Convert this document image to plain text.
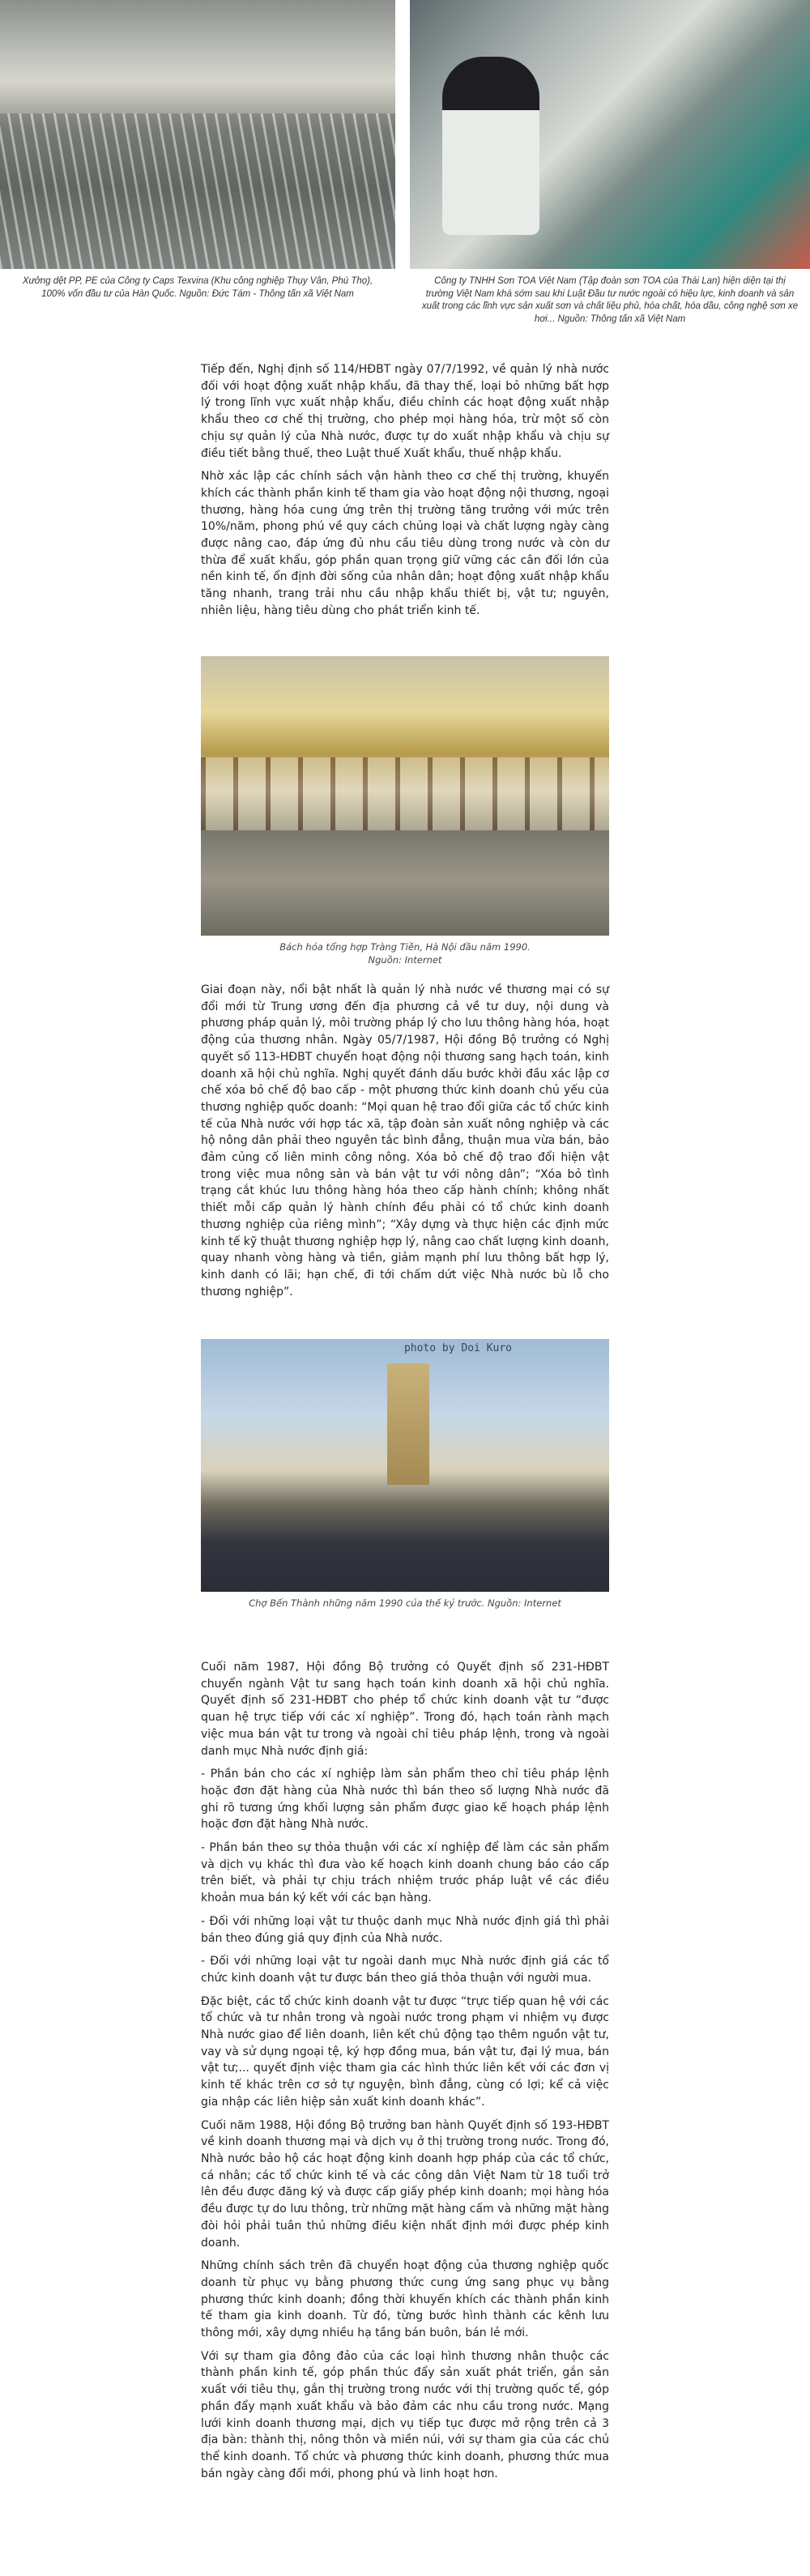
Xưởng dệt PP, PE của Công ty Caps Texvina (Khu công nghiệp Thụy Vân, Phú Thọ), 100% vốn đầu tư của Hàn Quốc. Nguồn: Đức Tám - Thông tấn xã Việt Nam
Công ty TNHH Sơn TOA Việt Nam (Tập đoàn sơn TOA của Thái Lan) hiện diện tại thị trường Việt Nam khá sớm sau khi Luật Đầu tư nước ngoài có hiệu lực, kinh doanh và sản xuất trong các lĩnh vực sản xuất sơn và chất liệu phủ, hóa chất, hóa dầu, công nghệ sơn xe hơi... Nguồn: Thông tấn xã Việt Nam

Tiếp đến, Nghị định số 114/HĐBT ngày 07/7/1992, về quản lý nhà nước đối với hoạt động xuất nhập khẩu, đã thay thế, loại bỏ những bất hợp lý trong lĩnh vực xuất nhập khẩu, điều chỉnh các hoạt động xuất nhập khẩu theo cơ chế thị trường, cho phép mọi hàng hóa, trừ một số còn chịu sự quản lý của Nhà nước, được tự do xuất nhập khẩu và chịu sự điều tiết bằng thuế, theo Luật thuế Xuất khẩu, thuế nhập khẩu.

Nhờ xác lập các chính sách vận hành theo cơ chế thị trường, khuyến khích các thành phần kinh tế tham gia vào hoạt động nội thương, ngoại thương, hàng hóa cung ứng trên thị trường tăng trưởng với mức trên 10%/năm, phong phú về quy cách chủng loại và chất lượng ngày càng được nâng cao, đáp ứng đủ nhu cầu tiêu dùng trong nước và còn dư thừa để xuất khẩu, góp phần quan trọng giữ vững các cân đối lớn của nền kinh tế, ổn định đời sống của nhân dân; hoạt động xuất nhập khẩu tăng nhanh, trang trải nhu cầu nhập khẩu thiết bị, vật tư; nguyên, nhiên liệu, hàng tiêu dùng cho phát triển kinh tế.

Bách hóa tổng hợp Tràng Tiền, Hà Nội đầu năm 1990.
Nguồn: Internet

Giai đoạn này, nổi bật nhất là quản lý nhà nước về thương mại có sự đổi mới từ Trung ương đến địa phương cả về tư duy, nội dung và phương pháp quản lý, môi trường pháp lý cho lưu thông hàng hóa, hoạt động của thương nhân. Ngày 05/7/1987, Hội đồng Bộ trưởng có Nghị quyết số 113-HĐBT chuyển hoạt động nội thương sang hạch toán, kinh doanh xã hội chủ nghĩa. Nghị quyết đánh dấu bước khởi đầu xác lập cơ chế xóa bỏ chế độ bao cấp - một phương thức kinh doanh chủ yếu của thương nghiệp quốc doanh: “Mọi quan hệ trao đổi giữa các tổ chức kinh tế của Nhà nước với hợp tác xã, tập đoàn sản xuất nông nghiệp và các hộ nông dân phải theo nguyên tắc bình đẳng, thuận mua vừa bán, bảo đảm củng cố liên minh công nông. Xóa bỏ chế độ trao đổi hiện vật trong việc mua nông sản và bán vật tư với nông dân”; “Xóa bỏ tình trạng cắt khúc lưu thông hàng hóa theo cấp hành chính; không nhất thiết mỗi cấp quản lý hành chính đều phải có tổ chức kinh doanh thương nghiệp của riêng mình”; “Xây dựng và thực hiện các định mức kinh tế kỹ thuật thương nghiệp hợp lý, nâng cao chất lượng kinh doanh, quay nhanh vòng hàng và tiền, giảm mạnh phí lưu thông bất hợp lý, kinh danh có lãi; hạn chế, đi tới chấm dứt việc Nhà nước bù lỗ cho thương nghiệp”.

photo by Doi Kuro
Chợ Bến Thành những năm 1990 của thế kỷ trước. Nguồn: Internet

Cuối năm 1987, Hội đồng Bộ trưởng có Quyết định số 231-HĐBT chuyển ngành Vật tư sang hạch toán kinh doanh xã hội chủ nghĩa. Quyết định số 231-HĐBT cho phép tổ chức kinh doanh vật tư “được quan hệ trực tiếp với các xí nghiệp”. Trong đó, hạch toán rành mạch việc mua bán vật tư trong và ngoài chỉ tiêu pháp lệnh, trong và ngoài danh mục Nhà nước định giá:

- Phần bán cho các xí nghiệp làm sản phẩm theo chỉ tiêu pháp lệnh hoặc đơn đặt hàng của Nhà nước thì bán theo số lượng Nhà nước đã ghi rõ tương ứng khối lượng sản phẩm được giao kế hoạch pháp lệnh hoặc đơn đặt hàng Nhà nước.

- Phần bán theo sự thỏa thuận với các xí nghiệp để làm các sản phẩm và dịch vụ khác thì đưa vào kế hoạch kinh doanh chung báo cáo cấp trên biết, và phải tự chịu trách nhiệm trước pháp luật về các điều khoản mua bán ký kết với các bạn hàng.

- Đối với những loại vật tư thuộc danh mục Nhà nước định giá thì phải bán theo đúng giá quy định của Nhà nước.

- Đối với những loại vật tư ngoài danh mục Nhà nước định giá các tổ chức kinh doanh vật tư được bán theo giá thỏa thuận với người mua.

Đặc biệt, các tổ chức kinh doanh vật tư được “trực tiếp quan hệ với các tổ chức và tư nhân trong và ngoài nước trong phạm vi nhiệm vụ được Nhà nước giao để liên doanh, liên kết chủ động tạo thêm nguồn vật tư, vay và sử dụng ngoại tệ, ký hợp đồng mua, bán vật tư, đại lý mua, bán vật tư;... quyết định việc tham gia các hình thức liên kết với các đơn vị kinh tế khác trên cơ sở tự nguyện, bình đẳng, cùng có lợi; kể cả việc gia nhập các liên hiệp sản xuất kinh doanh khác”.

Cuối năm 1988, Hội đồng Bộ trưởng ban hành Quyết định số 193-HĐBT về kinh doanh thương mại và dịch vụ ở thị trường trong nước. Trong đó, Nhà nước bảo hộ các hoạt động kinh doanh hợp pháp của các tổ chức, cá nhân; các tổ chức kinh tế và các công dân Việt Nam từ 18 tuổi trở lên đều được đăng ký và được cấp giấy phép kinh doanh; mọi hàng hóa đều được tự do lưu thông, trừ những mặt hàng cấm và những mặt hàng đòi hỏi phải tuân thủ những điều kiện nhất định mới được phép kinh doanh.

Những chính sách trên đã chuyển hoạt động của thương nghiệp quốc doanh từ phục vụ bằng phương thức cung ứng sang phục vụ bằng phương thức kinh doanh; đồng thời khuyến khích các thành phần kinh tế tham gia kinh doanh. Từ đó, từng bước hình thành các kênh lưu thông mới, xây dựng nhiều hạ tầng bán buôn, bán lẻ mới.

Với sự tham gia đông đảo của các loại hình thương nhân thuộc các thành phần kinh tế, góp phần thúc đẩy sản xuất phát triển, gắn sản xuất với tiêu thụ, gắn thị trường trong nước với thị trường quốc tế, góp phần đẩy mạnh xuất khẩu và bảo đảm các nhu cầu trong nước. Mạng lưới kinh doanh thương mại, dịch vụ tiếp tục được mở rộng trên cả 3 địa bàn: thành thị, nông thôn và miền núi, với sự tham gia của các chủ thể kinh doanh. Tổ chức và phương thức kinh doanh, phương thức mua bán ngày càng đổi mới, phong phú và linh hoạt hơn.
